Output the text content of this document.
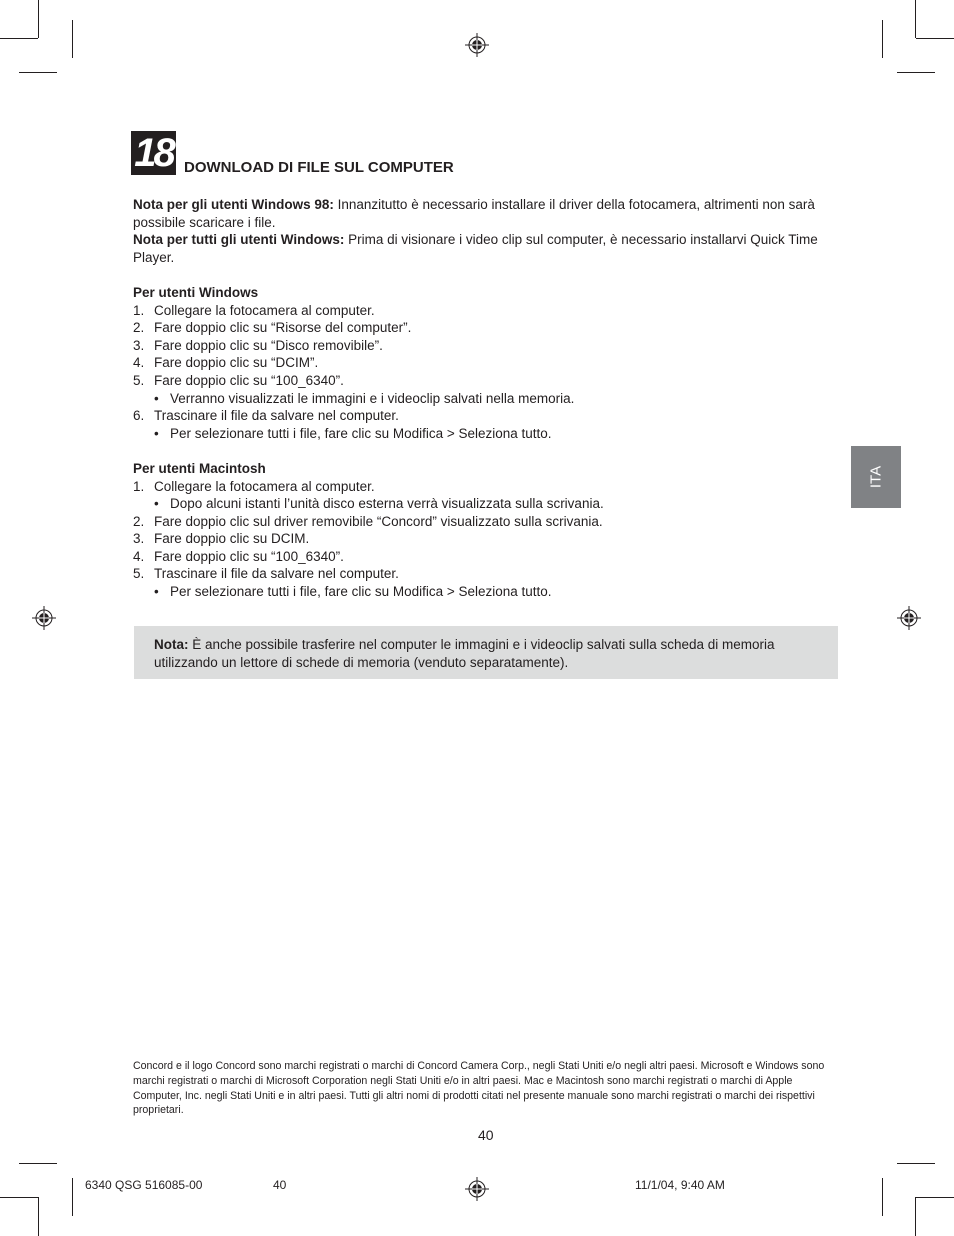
18 DOWNLOAD DI FILE SUL COMPUTER

Nota per gli utenti Windows 98: Innanzitutto è necessario installare il driver della fotocamera, altrimenti non sarà possibile scaricare i file.

Nota per tutti gli utenti Windows: Prima di visionare i video clip sul computer, è necessario installarvi Quick Time Player.

Per utenti Windows

1. Collegare la fotocamera al computer.
2. Fare doppio clic su “Risorse del computer”.
3. Fare doppio clic su “Disco removibile”.
4. Fare doppio clic su “DCIM”.
5. Fare doppio clic su “100_6340”.
• Verranno visualizzati le immagini e i videoclip salvati nella memoria.
6. Trascinare il file da salvare nel computer.
• Per selezionare tutti i file, fare clic su Modifica > Seleziona tutto.

Per utenti Macintosh

1. Collegare la fotocamera al computer.
• Dopo alcuni istanti l’unità disco esterna verrà visualizzata sulla scrivania.
2. Fare doppio clic sul driver removibile “Concord” visualizzato sulla scrivania.
3. Fare doppio clic su DCIM.
4. Fare doppio clic su “100_6340”.
5. Trascinare il file da salvare nel computer.
• Per selezionare tutti i file, fare clic su Modifica > Seleziona tutto.
Nota: È anche possibile trasferire nel computer le immagini e i videoclip salvati sulla scheda di memoria utilizzando un lettore di schede di memoria (venduto separatamente).
ITA
Concord e il logo Concord sono marchi registrati o marchi di Concord Camera Corp., negli Stati Uniti e/o negli altri paesi. Microsoft e Windows sono marchi registrati o marchi di Microsoft Corporation negli Stati Uniti e/o in altri paesi. Mac e Macintosh sono marchi registrati o marchi di Apple Computer, Inc. negli Stati Uniti e in altri paesi. Tutti gli altri nomi di prodotti citati nel presente manuale sono marchi registrati o marchi dei rispettivi proprietari.
40
6340 QSG 516085-00	40	11/1/04, 9:40 AM
